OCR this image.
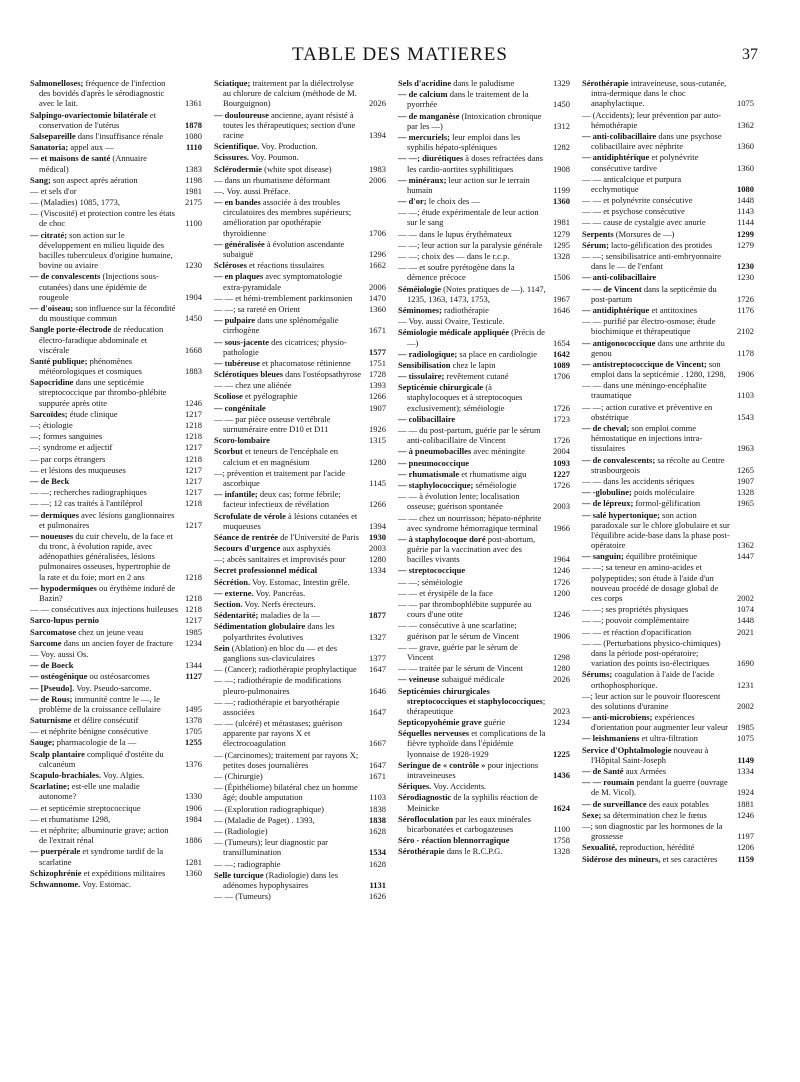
TABLE DES MATIERES	37
Salmonelloses; fréquence de l'infection des bovidés d'après le sérodiagnostic avec le lait.	1361
Salpingo-ovariectomie bilatérale et conservation de l'utérus	1878
Salsepareille dans l'insuffisance rénale	1080
Sanatoria; appel aux —	1110
— et maisons de santé (Annuaire médical)	1383
Sang; son aspect après aération	1198
— et sels d'or	1981
— (Maladies) 1085, 1773,	2175
— (Viscosité) et protection contre les états de choc	1100
— citraté; son action sur le développement en milieu liquide des bacilles tuberculeux d'origine humaine, bovine ou aviaire	1230
— de convalescents (Injections sous-cutanées) dans une épidémie de rougeole	1904
— d'oiseau; son influence sur la fécondité du moustique commun	1450
Sangle porte-électrode de réeducation électro-faradique abdominale et viscérale	1668
Santé publique; phénomènes météorologiques et cosmiques	1883
Sapocridine dans une septicémie streptococcique par thrombo-phlébite suppurée après otite	1246
Sarcoïdes; étude clinique	1217
—; étiologie	1218
—; formes sanguines	1218
—; syndrome et adjectif	1217
— par corps étrangers	1218
— et lésions des muqueuses	1217
— de Beck	1217
— —; recherches radiographiques	1217
— —; 12 cas traités à l'antiléprol	1218
— dermiques avec lésions ganglionnaires et pulmonaires	1217
— noueuses du cuir chevelu, de la face et du tronc, à évolution rapide, avec adénopathies généralisées, lésions pulmonaires osseuses, hypertrophie de la rate et du foie; mort en 2 ans	1218
— hypodermiques ou érythème induré de Bazin?	1218
— — consécutives aux injections huileuses 1218
Sarco-lupus pernio	1217
Sarcomatose chez un jeune veau	1985
Sarcome dans un ancien foyer de fracture	1234
— Voy. aussi Os.
— de Boeck	1344
— ostéogénique ou ostéosarcomes	1127
— [Pseudo]. Voy. Pseudo-sarcome.
— de Rous; immunité contre le —, le problème de la croissance cellulaire	1495
Saturnisme et délire consécutif	1378
— et néphrite bénigne consécutive	1705
Sauge; pharmacologie de la —	1255
Scalp plantaire compliqué d'ostéite du calcanéum	1376
Scapulo-brachiales. Voy. Algies.
Scarlatine; est-elle une maladie autonome?	1330
— et septicémie streptococcique	1906
— et rhumatisme 1298,	1984
— et néphrite; albuminurie grave; action de l'extrait rénal	1886
— puerpérale et syndrome tardif de la scarlatine	1281
Schizophrénie et expéditions militaires	1360
Schwannome. Voy. Estomac.
Sciatique; traitement par la diélectrolyse au chlorure de calcium (méthode de M. Bourguignon)	2026
— douloureuse ancienne, ayant résisté à toutes les thérapeutiques; section d'une racine	1394
Scientifique. Voy. Production.
Scissures. Voy. Poumon.
Sclérodermie (white spot disease)	1983
— dans un rhumatisme déformant	2006
—. Voy. aussi Préface.
— en bandes associée à des troubles circulatoires des membres supérieurs; amélioration par opothérapie thyroïdienne	1706
— généralisée à évolution ascendante subaiguë	1296
Scléroses et réactions tissulaires	1662
— en plaques avec symptomatologie extra-pyramidale	2006
— — et hémi-tremblement parkinsonien	1470
— —; sa rareté en Orient	1360
— pulpaire dans une splénomégalie cirrhogène	1671
— sous-jacente des cicatrices; physio-pathologie	1577
— tubéreuse et phacomatose rétinienne	1751
Sclérotiques bleues dans l'ostéopsathyrose 1728
— — chez une aliénée	1393
Scoliose et pyélographie	1266
— congénitale	1907
— — par pièce osseuse vertébrale surnuméraire entre D10 et D11	1926
Scoro-lombaire	1315
Scorbut et teneurs de l'encéphale en calcium et en magnésium	1280
—; prévention et traitement par l'acide ascorbique	1145
— infantile; deux cas; forme fébrile; facteur infectieux de révélation	1266
Scrofulate de vérole à lésions cutanées et muqueuses	1394
Séance de rentrée de l'Université de Paris	1930
Secours d'urgence aux asphyxiés	2003
—; abcès sanitaires et improvisés pour	1280
Secret professionnel médical	1334
Sécrétion. Voy. Estomac, Intestin grêle.
— externe. Voy. Pancréas.
Section. Voy. Nerfs érecteurs.
Sédentarité; maladies de la —	1877
Sédimentation globulaire dans les polyarthrites évolutives	1327
Sein (Ablation) en bloc du — et des ganglions sus-claviculaires	1377
— (Cancer); radiothérapie prophylactique	1647
— —; radiothérapie de modifications pleuro-pulmonaires	1646
— —; radiothérapie et baryothérapie associées	1647
— — (ulcéré) et métastases; guérison apparente par rayons X et électrocoagulation	1667
— (Carcinomes); traitement par rayons X; petites doses journalières	1647
— (Chirurgie)	1671
— (Épithéliome) bilatéral chez un homme âgé; double amputation	1103
— (Exploration radiographique)	1838
— (Maladie de Paget) . 1393,	1838
— (Radiologie)	1628
— (Tumeurs); leur diagnostic par transillumination	1534
— —; radiographie	1628
Selle turcique (Radiologie) dans les adénomes hypophysaires	1131
— — (Tumeurs)	1626
Sels d'acridine dans le paludisme	1329
— de calcium dans le traitement de la pyorrhée	1450
— de manganèse (Intoxication chronique par les —)	1312
— mercuriels; leur emploi dans les syphilis hépato-spléniques	1282
— —; diurétiques à doses refractées dans les cardio-aortites syphilitiques	1908
— minéraux; leur action sur le terrain humain	1199
— d'or; le choix des —	1360
— —; étude expérimentale de leur action sur le sang	1981
— — dans le lupus érythémateux	1279
— —; leur action sur la paralysie générale	1295
— —; choix des — dans le r.c.p.	1328
— — et soufre pyrétogène dans la démence précoce	1506
Séméiologie (Notes pratiques de —). 1147, 1235, 1363, 1473, 1753,	1967
Séminomes; radiothérapie	1646
— Voy. aussi Ovaire, Testicule.
Sémiologie médicale appliquée (Précis de —)	1654
— radiologique; sa place en cardiologie	1642
Sensibilisation chez le lapin	1089
— tissulaire; revêtement cutané	1706
Septicémie chirurgicale (à staphylocoques et à streptocoques exclusivement); séméiologie	1726
— colibacillaire	1723
— — du post-partum, guérie par le sérum anti-colibacillaire de Vincent	1726
— à pneumobacilles avec méningite	2004
— pneumococcique	1093
— rhumatismale et rhumatisme aigu	1227
— staphylococcique; séméiologie	1726
— — à évolution lente; localisation osseuse; guérison spontanée	2003
— — chez un nourrisson; hépato-néphrite avec syndrome hémorragique terminal	1966
— à staphylocoque doré post-abortum, guérie par la vaccination avec des bacilles vivants	1964
— streptococcique	1246
— —; séméiologie	1726
— — et érysipèle de la face	1200
— — par thrombophlébite suppurée au cours d'une otite	1246
— — consécutive à une scarlatine; guérison par le sérum de Vincent	1906
— — grave, guérie par le sérum de Vincent	1298
— — traitée par le sérum de Vincent	1280
— veineuse subaiguë médicale	2026
Septicémies chirurgicales streptococciques et staphylococciques; thérapeutique	2023
Septicopyohémie grave guérie	1234
Séquelles nerveuses et complications de la fièvre typhoïde dans l'épidémie lyonnaise de 1928-1929	1225
Seringue de « contrôle » pour injections intraveineuses	1436
Sériques. Voy. Accidents.
Sérodiagnostic de la syphilis réaction de Meinicke	1624
Sérofloculation par les eaux minérales bicarbonatées et carbogazeuses	1100
Séro - réaction blennorragique	1758
Sérothérapie dans le R.C.P.G.	1328
Sérothérapie intraveineuse, sous-cutanée, intra-dermique dans le choc anaphylactique.	1075
— (Accidents); leur prévention par auto-hémothérapie	1362
— anti-colibacillaire dans une psychose colibacillaire avec néphrite	1360
— antidiphtérique et polynévrite consécutive tardive	1360
— — anticalcique et purpura ecchymotique	1080
— — et polynévrite consécutive	1448
— — et psychose consécutive	1143
— — cause de cystalgie avec anurie	1144
Serpents (Morsures de —)	1299
Sérum; lacto-gélification des protides	1279
— —; sensibilisatrice anti-embryonnaire dans le — de l'enfant	1230
— anti-colibacillaire	1230
— — de Vincent dans la septicémie du post-partum	1726
— antidiphtérique et antitoxines	1176
— — purifié par électro-osmose; étude biochimique et thérapeutique	2102
— antigonococcique dans une arthrite du genou	1178
— antistreptococcique de Vincent; son emploi dans la septicémie . 1280, 1298,	1906
— — dans une méningo-encéphalite traumatique	1103
— —; action curative et préventive en obstétrique	1543
— de cheval; son emploi comme hémostatique en injections intra-tissulaires	1963
— de convalescents; sa récolte au Centre strasbourgeois	1265
— — dans les accidents sériques	1907
— -globuline; poids moléculaire	1328
— de lépreux; formol-gélification	1965
— salé hypertonique; son action paradoxale sur le chlore globulaire et sur l'équilibre acide-base dans la phase post-opératoire	1362
— sanguin; équilibre protéinique	1447
— —; sa teneur en amino-acides et polypeptides; son étude à l'aide d'un nouveau procédé de dosage global de ces corps	2002
— —; ses propriétés physiques	1074
— —; pouvoir complémentaire	1448
— — et réaction d'opacification	2021
— — (Perturbations physico-chimiques) dans la période post-opératoire; variation des points iso-électriques	1690
Sérums; coagulation à l'aide de l'acide orthophosphorique.	1231
—; leur action sur le pouvoir fluorescent des solutions d'uranine	2002
— anti-microbiens; expériences d'orientation pour augmenter leur valeur	1985
— leishmaniens et ultra-filtration	1075
Service d'Ophtalmologie nouveau à l'Hôpital Saint-Joseph	1149
— de Santé aux Armées	1334
— — roumain pendant la guerre (ouvrage de M. Vicol).	1924
— de surveillance des eaux potables	1881
Sexe; sa détermination chez le fœtus	1246
—; son diagnostic par les hormones de la grossesse	1197
Sexualité, reproduction, hérédité	1206
Sidérose des mineurs, et ses caractères	1159
